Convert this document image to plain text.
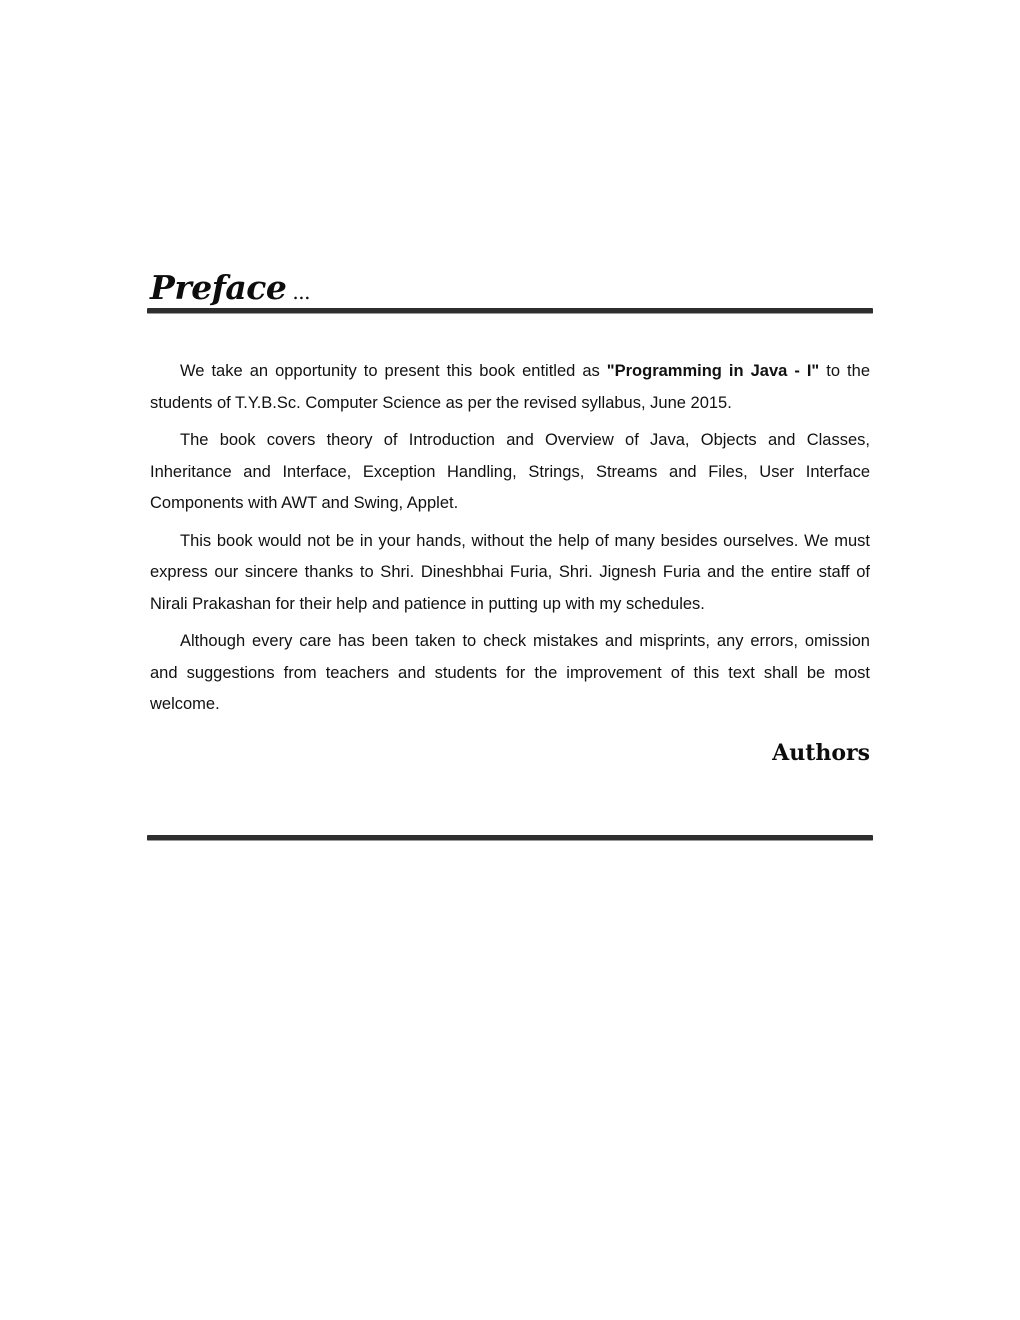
Preface ...

We take an opportunity to present this book entitled as "Programming in Java - I" to the students of T.Y.B.Sc. Computer Science as per the revised syllabus, June 2015.

The book covers theory of Introduction and Overview of Java, Objects and Classes, Inheritance and Interface, Exception Handling, Strings, Streams and Files, User Interface Components with AWT and Swing, Applet.

This book would not be in your hands, without the help of many besides ourselves. We must express our sincere thanks to Shri. Dineshbhai Furia, Shri. Jignesh Furia and the entire staff of Nirali Prakashan for their help and patience in putting up with my schedules.

Although every care has been taken to check mistakes and misprints, any errors, omission and suggestions from teachers and students for the improvement of this text shall be most welcome.

Authors
